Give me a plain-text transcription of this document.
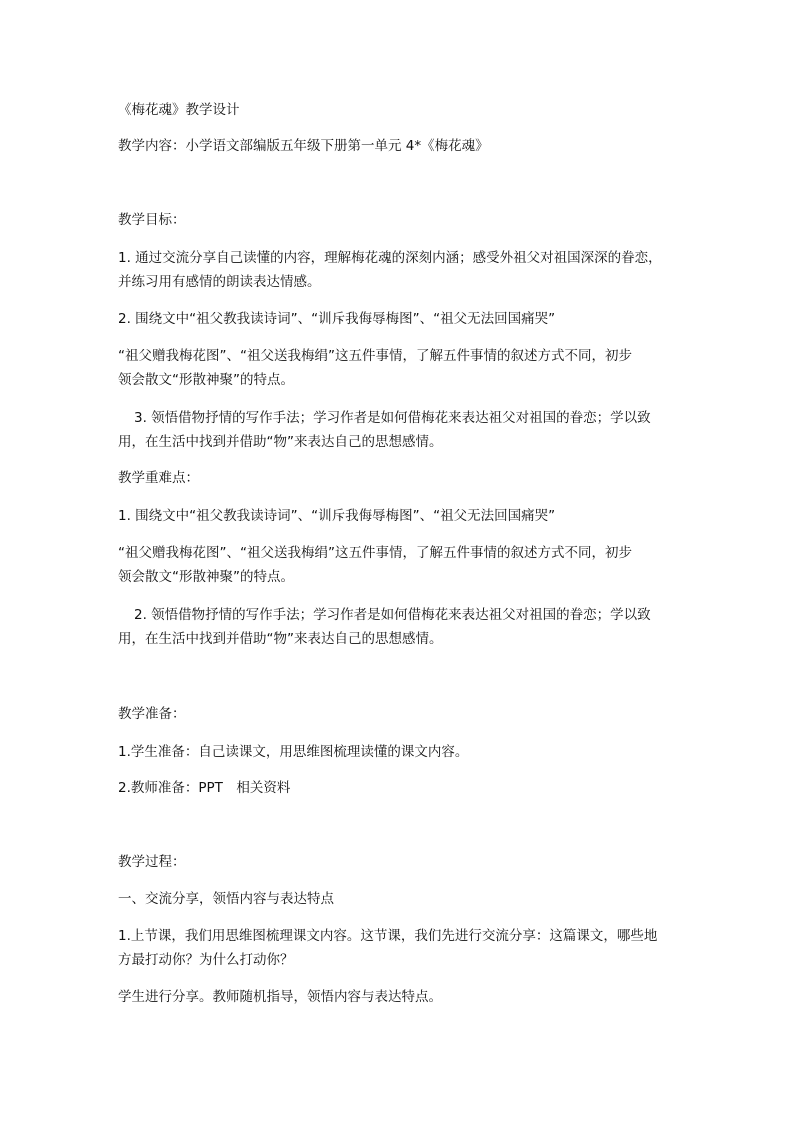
《梅花魂》教学设计

教学内容：小学语文部编版五年级下册第一单元 4*《梅花魂》

教学目标：

1. 通过交流分享自己读懂的内容，理解梅花魂的深刻内涵；感受外祖父对祖国深深的眷恋，

并练习用有感情的朗读表达情感。

2. 围绕文中“祖父教我读诗词”、“训斥我侮辱梅图”、“祖父无法回国痛哭”

“祖父赠我梅花图”、“祖父送我梅绢”这五件事情，了解五件事情的叙述方式不同，初步

领会散文“形散神聚”的特点。

3. 领悟借物抒情的写作手法；学习作者是如何借梅花来表达祖父对祖国的眷恋；学以致

用，在生活中找到并借助“物”来表达自己的思想感情。

教学重难点：

1. 围绕文中“祖父教我读诗词”、“训斥我侮辱梅图”、“祖父无法回国痛哭”

“祖父赠我梅花图”、“祖父送我梅绢”这五件事情，了解五件事情的叙述方式不同，初步

领会散文“形散神聚”的特点。

2. 领悟借物抒情的写作手法；学习作者是如何借梅花来表达祖父对祖国的眷恋；学以致

用，在生活中找到并借助“物”来表达自己的思想感情。

教学准备：

1.学生准备：自己读课文，用思维图梳理读懂的课文内容。

2.教师准备：PPT　相关资料

教学过程：

一、交流分享，领悟内容与表达特点

1.上节课，我们用思维图梳理课文内容。这节课，我们先进行交流分享：这篇课文，哪些地

方最打动你？为什么打动你？

学生进行分享。教师随机指导，领悟内容与表达特点。
